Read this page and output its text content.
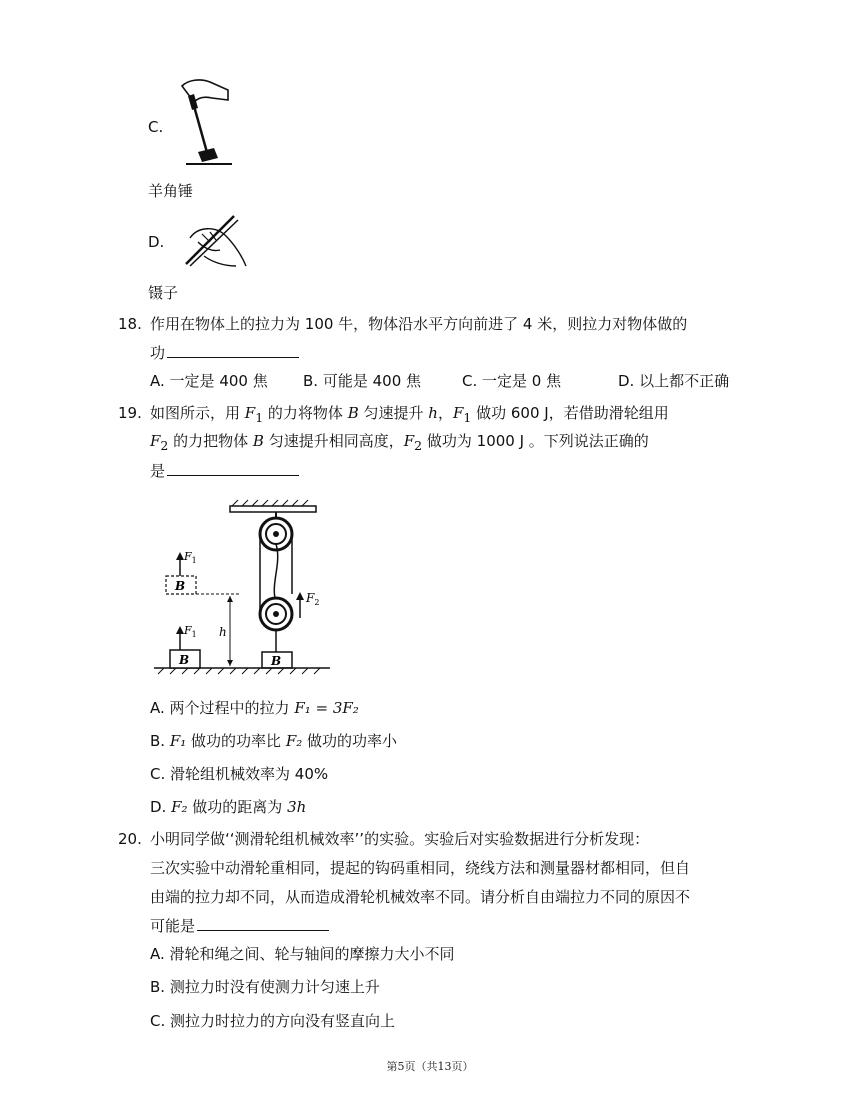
C.
羊角锤
D.
镊子
18. 作用在物体上的拉力为 100 牛，物体沿水平方向前进了 4 米，则拉力对物体做的
功
A. 一定是 400 焦 B. 可能是 400 焦	C. 一定是 0 焦	D. 以上都不正确
19. 如图所示，用 $F_1$ 的力将物体 B 匀速提升 h，$F_1$ 做功 600 J，若借助滑轮组用
$F_2$ 的力把物体 B 匀速提升相同高度，$F_2$ 做功为 1000 J 。下列说法正确的
是
$F_2$
B
B
$F_1$
B
$F_1$
h
A. 两个过程中的拉力 F₁ = 3F₂
B. F₁ 做功的功率比 F₂ 做功的功率小
C. 滑轮组机械效率为 40%
D. F₂ 做功的距离为 3h
20. 小明同学做‘‘测滑轮组机械效率’’的实验。实验后对实验数据进行分析发现：
三次实验中动滑轮重相同，提起的钩码重相同，绕线方法和测量器材都相同，但自
由端的拉力却不同，从而造成滑轮机械效率不同。请分析自由端拉力不同的原因不
可能是
A. 滑轮和绳之间、轮与轴间的摩擦力大小不同
B. 测拉力时没有使测力计匀速上升
C. 测拉力时拉力的方向没有竖直向上
第5页（共13页）
